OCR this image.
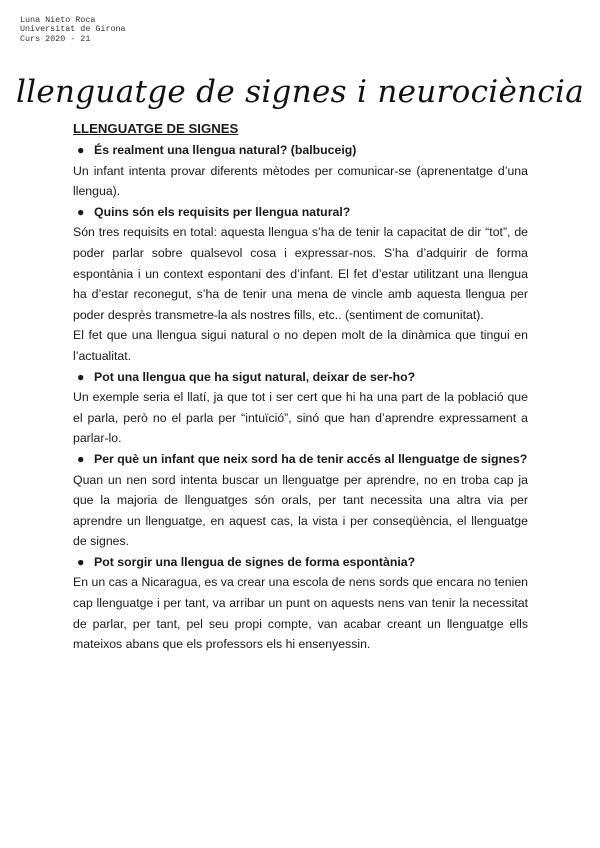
Luna Nieto Roca
Universitat de Girona
Curs 2020 - 21
llenguatge de signes i neurociència
LLENGUATGE DE SIGNES
● És realment una llengua natural? (balbuceig)

Un infant intenta provar diferents mètodes per comunicar-se (aprenentatge d’una llengua).

● Quins són els requisits per llengua natural?

Són tres requisits en total: aquesta llengua s’ha de tenir la capacitat de dir “tot”, de poder parlar sobre qualsevol cosa i expressar-nos. S’ha d’adquirir de forma espontània i un context espontani des d’infant. El fet d’estar utilitzant una llengua ha d’estar reconegut, s’ha de tenir una mena de vincle amb aquesta llengua per poder desprès transmetre-la als nostres fills, etc.. (sentiment de comunitat).

El fet que una llengua sigui natural o no depen molt de la dinàmica que tingui en l’actualitat.

● Pot una llengua que ha sigut natural, deixar de ser-ho?

Un exemple seria el llatí, ja que tot i ser cert que hi ha una part de la població que el parla, però no el parla per “intuïció”, sinó que han d’aprendre expressament a parlar-lo.

● Per què un infant que neix sord ha de tenir accés al llenguatge de signes?

Quan un nen sord intenta buscar un llenguatge per aprendre, no en troba cap ja que la majoria de llenguatges són orals, per tant necessita una altra via per aprendre un llenguatge, en aquest cas, la vista i per conseqüència, el llenguatge de signes.

● Pot sorgir una llengua de signes de forma espontània?

En un cas a Nicaragua, es va crear una escola de nens sords que encara no tenien cap llenguatge i per tant, va arribar un punt on aquests nens van tenir la necessitat de parlar, per tant, pel seu propi compte, van acabar creant un llenguatge ells mateixos abans que els professors els hi ensenyessin.
